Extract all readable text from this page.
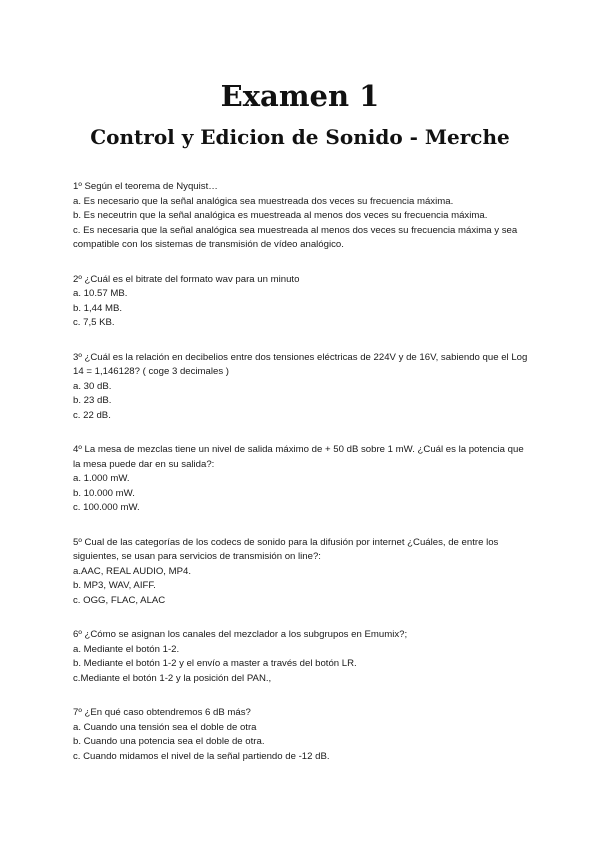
Examen 1
Control y Edicion de Sonido - Merche
1º Según el teorema de Nyquist…
a. Es necesario que la señal analógica sea muestreada dos veces su frecuencia máxima.
b. Es neceutrin que la señal analógica es muestreada al menos dos veces su frecuencia máxima.
c. Es necesaria que la señal analógica sea muestreada al menos dos veces su frecuencia máxima y sea compatible con los sistemas de transmisión de vídeo analógico.
2º ¿Cuál es el bitrate del formato wav para un minuto
a. 10.57 MB.
b. 1,44 MB.
c. 7,5 KB.
3º ¿Cuál es la relación en decibelios entre dos tensiones eléctricas de 224V y de 16V, sabiendo que el Log 14 = 1,146128? ( coge 3 decimales )
a. 30 dB.
b. 23 dB.
c. 22 dB.
4º La mesa de mezclas tiene un nivel de salida máximo de + 50 dB sobre 1 mW. ¿Cuál es la potencia que la mesa puede dar en su salida?:
a. 1.000 mW.
b. 10.000 mW.
c. 100.000 mW.
5º Cual de las categorías de los codecs de sonido para la difusión por internet ¿Cuáles, de entre los siguientes, se usan para servicios de transmisión on line?:
a.AAC, REAL AUDIO, MP4.
b. MP3, WAV, AIFF.
c. OGG, FLAC, ALAC
6º ¿Cómo se asignan los canales del mezclador a los subgrupos en Emumix?;
a. Mediante el botón 1-2.
b. Mediante el botón 1-2 y el envío a master a través del botón LR.
c.Mediante el botón 1-2 y la posición del PAN.,
7º ¿En qué caso obtendremos 6 dB más?
a. Cuando una tensión sea el doble de otra
b. Cuando una potencia sea el doble de otra.
c. Cuando midamos el nivel de la señal partiendo de -12 dB.
